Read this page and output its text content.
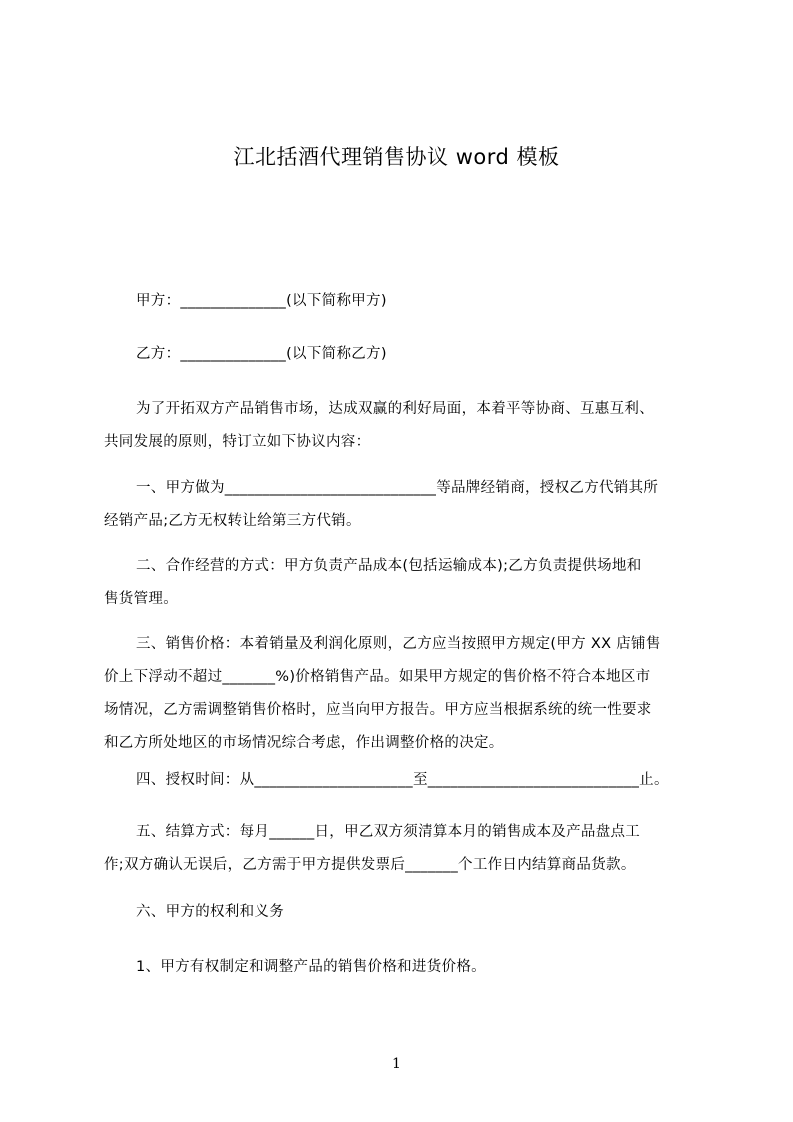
江北括酒代理销售协议 word 模板
甲方：______________(以下简称甲方)
乙方：______________(以下简称乙方)
为了开拓双方产品销售市场，达成双赢的利好局面，本着平等协商、互惠互利、
共同发展的原则，特订立如下协议内容：
一、甲方做为____________________________等品牌经销商，授权乙方代销其所
经销产品;乙方无权转让给第三方代销。
二、合作经营的方式：甲方负责产品成本(包括运输成本);乙方负责提供场地和
售货管理。
三、销售价格：本着销量及利润化原则，乙方应当按照甲方规定(甲方 XX 店铺售
价上下浮动不超过_______%)价格销售产品。如果甲方规定的售价格不符合本地区市
场情况，乙方需调整销售价格时，应当向甲方报告。甲方应当根据系统的统一性要求
和乙方所处地区的市场情况综合考虑，作出调整价格的决定。
四、授权时间：从_____________________至____________________________止。
五、结算方式：每月______日，甲乙双方须清算本月的销售成本及产品盘点工
作;双方确认无误后，乙方需于甲方提供发票后_______个工作日内结算商品货款。
六、甲方的权利和义务
1、甲方有权制定和调整产品的销售价格和进货价格。
1
